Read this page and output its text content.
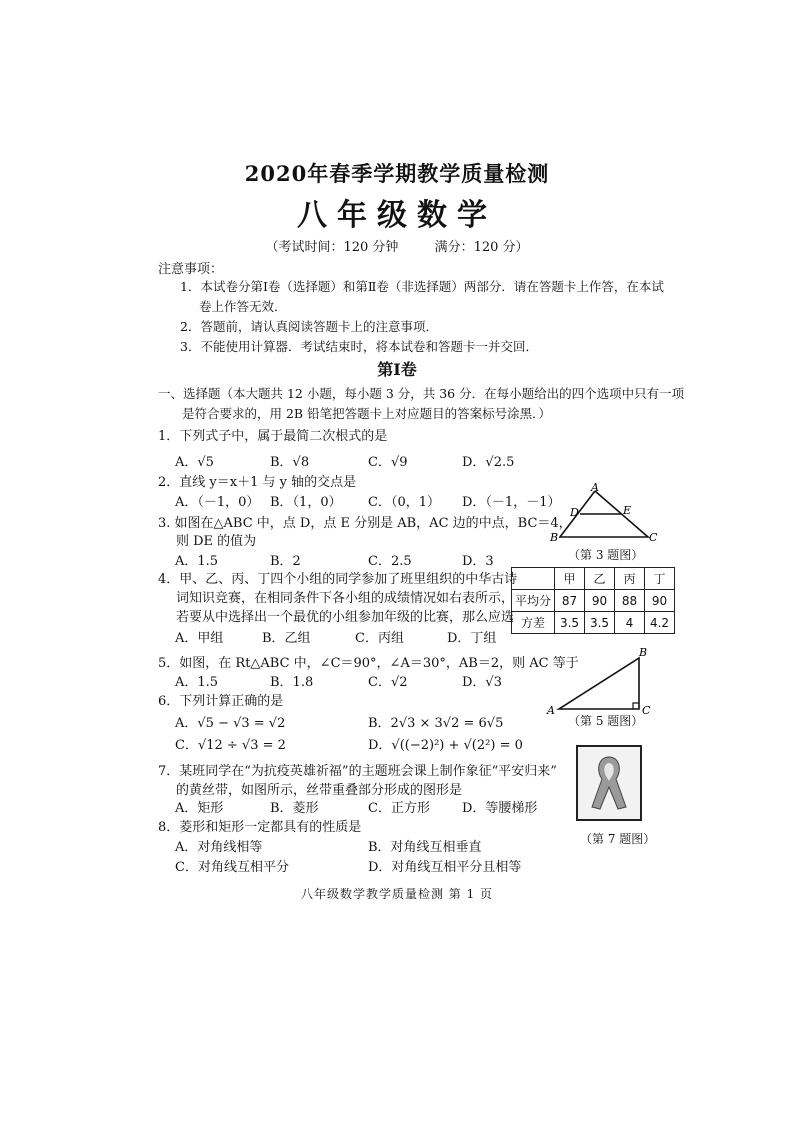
2020年春季学期教学质量检测
八年级数学
（考试时间：120 分钟	满分：120 分）
注意事项：
1．本试卷分第Ⅰ卷（选择题）和第Ⅱ卷（非选择题）两部分．请在答题卡上作答，在本试
卷上作答无效．
2．答题前，请认真阅读答题卡上的注意事项．
3．不能使用计算器．考试结束时，将本试卷和答题卡一并交回．
第Ⅰ卷
一、选择题（本大题共 12 小题，每小题 3 分，共 36 分．在每小题给出的四个选项中只有一项
是符合要求的，用 2B 铅笔把答题卡上对应题目的答案标号涂黑．）
1．下列式子中，属于最简二次根式的是
A．√5	B．√8	C．√9	D．√2.5
2．直线 y＝x＋1 与 y 轴的交点是
A．（－1，0） B．（1，0） C．（0，1） D．（－1，－1）
3. 如图在△ABC 中，点 D，点 E 分别是 AB，AC 边的中点，BC＝4，
则 DE 的值为
A．1.5	B．2	C．2.5	D．3
A
D	E
B	C
（第 3 题图）
4．甲、乙、丙、丁四个小组的同学参加了班里组织的中华古诗
词知识竞赛，在相同条件下各小组的成绩情况如右表所示，
若要从中选择出一个最优的小组参加年级的比赛，那么应选
A．甲组	B．乙组	C．丙组	D．丁组
	甲	乙	丙	丁
平均分	87	90	88	90
方差	3.5	3.5	4	4.2
5．如图，在 Rt△ABC 中，∠C＝90°，∠A＝30°，AB＝2，则 AC 等于
A．1.5	B．1.8	C．√2	D．√3
B
A	C
（第 5 题图）
6．下列计算正确的是
A．√5 − √3 = √2	B．2√3 × 3√2 = 6√5
C．√12 ÷ √3 = 2	D．√((−2)²) + √(2²) = 0
7．某班同学在“为抗疫英雄祈福”的主题班会课上制作象征“平安归来”
的黄丝带，如图所示，丝带重叠部分形成的图形是
A．矩形	B．菱形	C．正方形 D．等腰梯形
（第 7 题图）
8．菱形和矩形一定都具有的性质是
A．对角线相等	B．对角线互相垂直
C．对角线互相平分	D．对角线互相平分且相等
八年级数学教学质量检测 第 1 页
